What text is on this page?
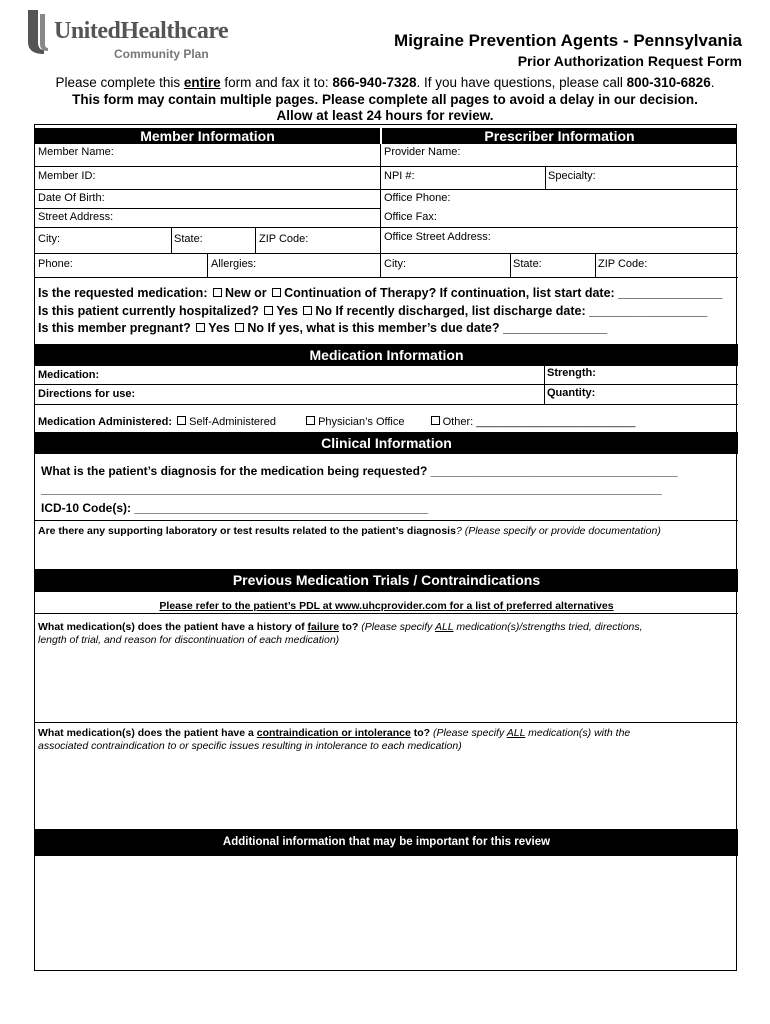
UnitedHealthcare
Community Plan
Migraine Prevention Agents - Pennsylvania
Prior Authorization Request Form
Please complete this entire form and fax it to: 866-940-7328. If you have questions, please call 800-310-6826.
This form may contain multiple pages. Please complete all pages to avoid a delay in our decision.
Allow at least 24 hours for review.
Member Information	Prescriber Information
Member Name:	Provider Name:
Member ID:	NPI #:	Specialty:
Date Of Birth:	Office Phone:
Street Address:	Office Fax:
City:	State:	ZIP Code:	Office Street Address:
Phone:	Allergies:	City:	State:	ZIP Code:
Is the requested medication: New or Continuation of Therapy? If continuation, list start date: _______________
Is this patient currently hospitalized? Yes No If recently discharged, list discharge date: _________________
Is this member pregnant? Yes No If yes, what is this member’s due date? _______________
Medication Information
Medication:	Strength:
Directions for use:	Quantity:
Medication Administered: Self-Administered	Physician’s Office	Other: __________________________
Clinical Information
What is the patient’s diagnosis for the medication being requested? _____________________________________
_____________________________________________________________________________________________
ICD-10 Code(s): ____________________________________________
Are there any supporting laboratory or test results related to the patient’s diagnosis? (Please specify or provide documentation)
Previous Medication Trials / Contraindications
Please refer to the patient’s PDL at www.uhcprovider.com for a list of preferred alternatives
What medication(s) does the patient have a history of failure to? (Please specify ALL medication(s)/strengths tried, directions,
length of trial, and reason for discontinuation of each medication)
What medication(s) does the patient have a contraindication or intolerance to? (Please specify ALL medication(s) with the
associated contraindication to or specific issues resulting in intolerance to each medication)
Additional information that may be important for this review
